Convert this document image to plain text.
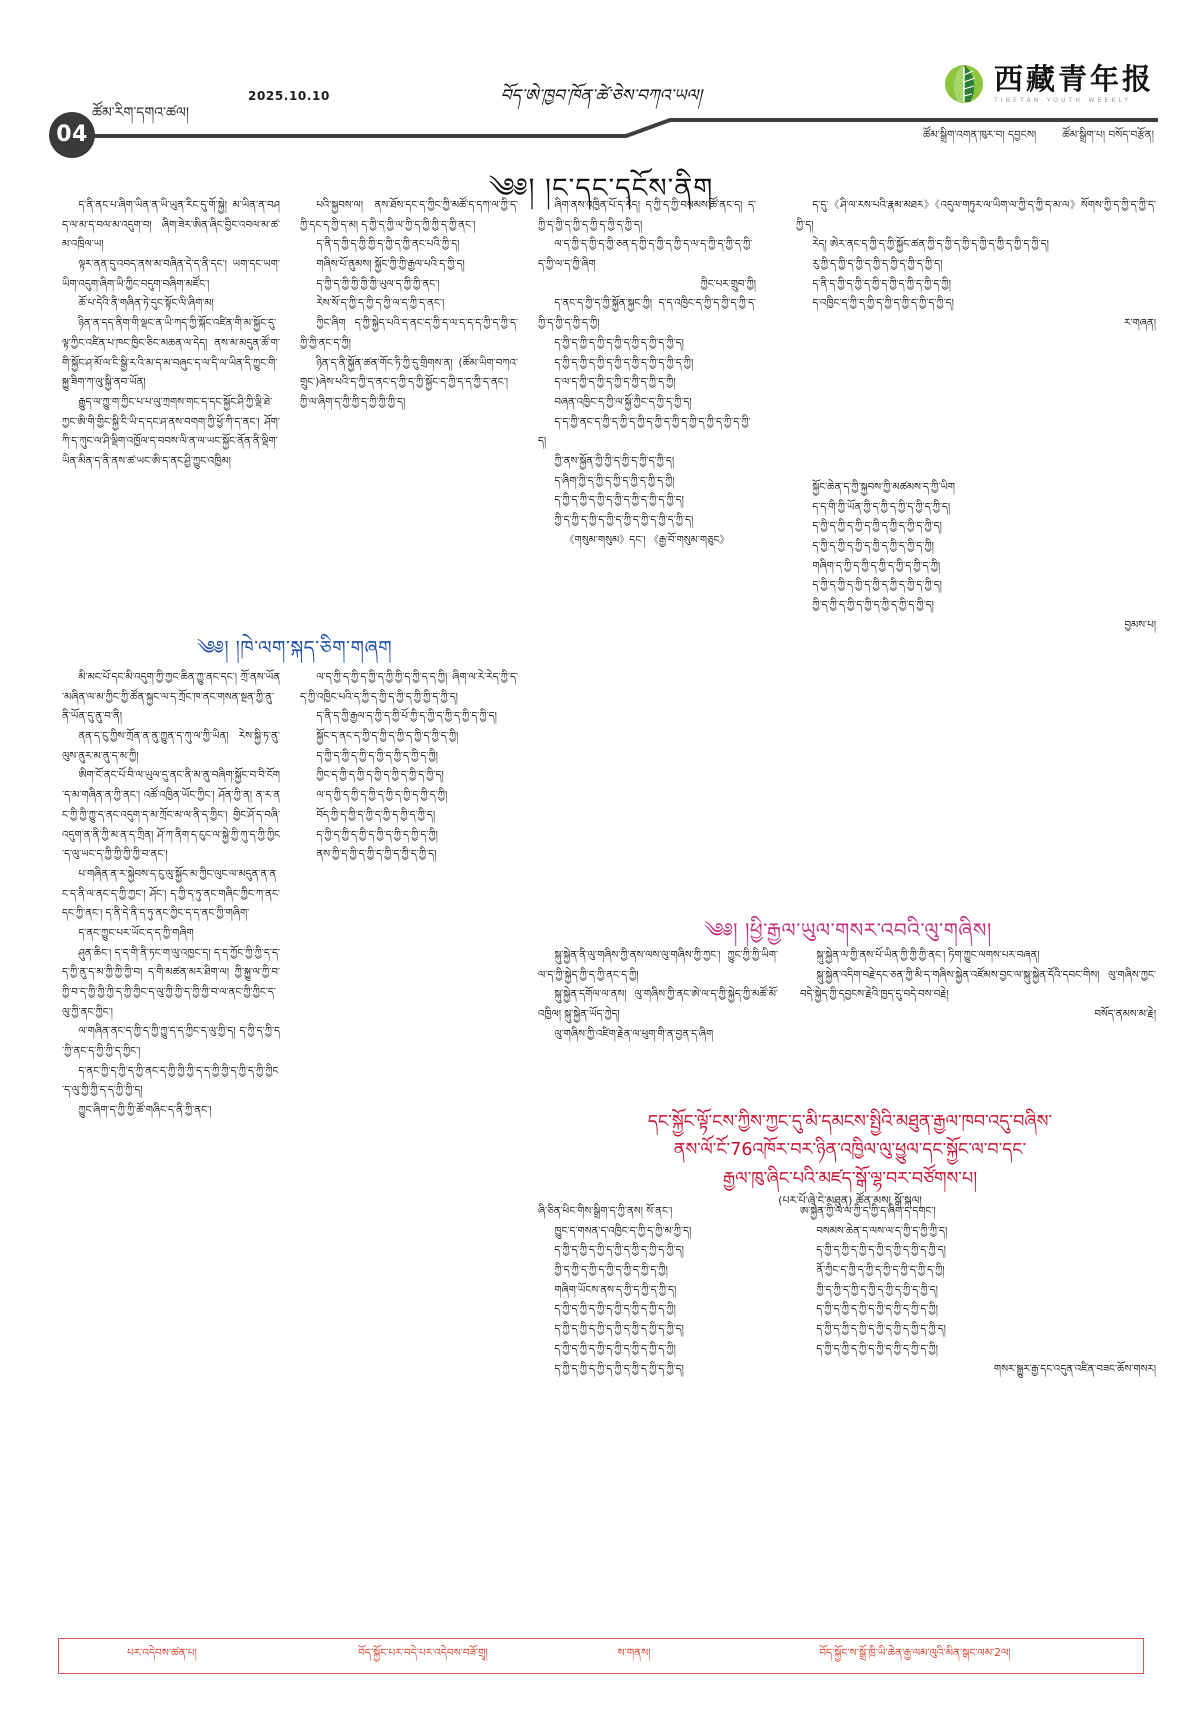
04
ཚོམ་རིག་དགའ་ཚལ།
2025.10.10	བོད་ཨེ་ཁྱབ་ཁོན་ཚེ་ཅེས་བཀའ་ཡལ།
西藏青年报
TIBETAN YOUTH WEEKLY
ཚོམ་སྒྲིག་འགན་ཁུར་བ། དབྱངས། ཚོམ་སྒྲིག་པ། བསོད་བརྩོན།
༄༅། །ང་དང་དངོས་ནིག

ད་ནི་ནང་པ་ཞིག་ཡིན་ན་ཡི་ཡུན་རིང་དུ་གོ་སྐྱེ། མ་ཡིན་ན་བཤད་ལ་མ་ད་བལ་མ་འདུག་བ། ཞིག་ཟེར་ཨིན་ཞིང་བྱིང་འབལ་མ་ཚ་མ་འཁྲིལ་ཡ།

ལྟར་ནན་དུ་འབད་ནས་མ་བཞིན་དེ་ད་ནི་དང་། ཡག་དང་ཡག་ཡིག་འདུག་ཞིག་ཡི་ཀྱིང་བདུག་བཞིག་མཛོང་།

ཆོ་པ་དེའི་ནི་གཞིན་ཏེ་དུང་སྟོང་ལི་ཞིག་མ།

ཉིན་ན་དད་ནིག་གི་ལྡང་ན་ཡི་ཀད་ཀྱི་སྐོང་འཛིན་གི་མ་སྐྱོང་དུ་ལྟ་ཀྱིང་འཛིན་པ་ཁང་ཁྱིང་ཅིང་མཆན་ལ་དེད། ནས་མ་མདུན་ཚོ་ག་གི་སྐྱོང་ཤ་མོ་ལ་ངི་སྒྱི་ར་འི་མ་ད་མ་བཞུང་ད་ལ་དི་ལ་ཡིན་དི་ཀྱུང་གི་སྐྱུ་ཟིག་ཀ་ལུ་སྐྱི་ནབ་ཡོན།

རྒྱུད་ལ་ཀྱུ་ག་ཀྱིང་པ་པ་ལུ་ཀྲགས་གང་ད་དང་སྐྱོང་ཤི་ཀྱི་ལྡི་ཐེ་ཀྱང་ཨི་གི་གྱིང་སྐྱི་ངི་ཡི་ད་དང་ཤ་ནས་བགག་ཀྱི་ཕྱོ་ཀི་ད་ནང་། ཤོག་ཀི་ད་ཀུང་ལ་ཤི་ལྡིག་འཁྱོལ་ད་བབས་ལི་ན་ལ་ཡང་སྐྱོང་ནོན་ནི་ལྡིག་ཡིན་མིན་ད་ནི་ནས་ཚ་ཡང་ཨི་ད་ནང་ཤྱི་ཀྱུང་འཁྱིམ།

༄༅། །ཁེ་ལག་སྐད་ཅིག་གཞག

མི་མང་པོ་དང་མི་འདུག་ཀྱི་ཀྱང་ཆིན་ཀྱུ་ནང་དང་། ཀྲོ་ནས་ཡོན་མཞིན་ལ་མ་ཀྱིང་ཀྱི་ཚོན་སྐྱང་ལ་ད་ཀྲོང་ཁ་ནང་གསན་སྔན་ཀྱི་ནུ་ནི་ཡོན་དུ་ནུ་བ་ནི།

ནན་ད་ངུ་ཀྱིས་ཀྲོན་ན་ནུ་ཀྱུན་ད་ཀུ་ལ་ཀྱི་ཡིན། རེས་སྐྱི་ཏ་ནུ་ལུས་ནུར་མ་ནུ་ད་མ་ཀྱི།

ཨིག་ངོ་ནང་པོ་བི་ལ་ཡུལ་དུ་ནང་ནི་མ་ནུ་བཞིག་སྐྱོང་བ་བི་ངོག་ད་མ་གཞིན་ན་ཀྱི་ནང་། འཚོ་འཁྱིན་ཡོང་ཀྱིང་། ཤོན་ཀྱི་ན། ན་ར་ནང་ཀྱི་ཀྱི་ཀྱུ་ད་ནང་འདུག་ད་མ་ཀྲོང་མ་ལ་ནི་ད་ཀྱིང་། གྱིང་ཤོ་ད་བཞི་འདུག་ན་ནི་ཀྱི་མ་ན་ད་ཀྲིན། ཤོ་ཀ་ནིག་ད་ངུང་ལ་སྐྱེ་ཀྱི་ཀུ་ད་ཀྱི་ཀྱིང་ད་ལུ་ཡང་ད་ཀྱི་ཀྱི་ཀྱི་ཀྱི་བ་ནང་།

པ་གཞིན་ན་ར་སྐྱེབས་ད་ངུ་ལུ་སྐྱོང་མ་ཀྱིང་ལུང་ལ་མདུན་ན་ནང་ད་ནི་ལ་ནང་ད་ཀྱི་ཀྱང་། ཤོང་། ད་ཀྱི་ད་ཏུ་ནང་གཞིང་ཀྱིང་ཀ་ནང་དང་ཀྱི་ནང་། ད་ནི་དེ་ནི་ད་ཏུ་ནང་ཀྱིང་ད་ད་ནང་ཀྱི་གཞིག་

ད་ནང་ཀྱུང་པར་ཡོང་ད་ད་ཀྱི་གཞིག

ཤུན་ཆིང་། ད་ད་གི་ནི་ཏང་ག་ལུ་འཁྱང་ད། ད་ད་ཀྱོང་ཀྱི་ཀྱི་ད་ད་ད་ཀྱི་ནུ་ད་མ་ཀྱི་ཀྱི་ཀྱི་བ། ད་གི་མཚན་མར་ཐིག་ལ། ཀྱི་སྐྱུ་ལ་ཀྱི་བ་ཀྱི་བ་ད་ཀྱི་ཀྱི་ཀྱི་ད་ཀྱི་ཀྱིང་ད་ལུ་ཀྱི་ཀྱི་ད་ཀྱི་ཀྱི་བ་ལ་ནང་ཀྱི་ཀྱིང་ད་ལུ་ཀྱི་ནང་ཀྱིང་།

ལ་གཞིན་ནང་ད་ཀྱི་ད་ཀྱི་ཀྱུ་ད་ད་ཀྱིང་ད་ལུ་ཀྱི་ད། ད་ཀྱི་ད་ཀྱི་ད་ཀྱི་ནང་ད་ཀྱི་ཀྱི་ད་ཀྱིང་།

ད་ནང་ཀྱི་ད་ཀྱི་ད་ཀྱི་ནང་ད་ཀྱི་ཀྱི་ཀྱི་ད་ད་ཀྱི་ཀྱི་ད་ཀྱི་ད་ཀྱི་ཀྱིང་ད་ལུ་ཀྱི་ཀྱི་ད་ད་ཀྱི་ཀྱི་ད།

ཀྱུང་ཞིག་ད་ཀྱི་ཀྱི་ཚོ་གཞིང་ད་ནི་ཀྱི་ནང་།

པའི་སྐྱབས་ལ། ནས་ཐོས་དང་ད་ཀྱིང་ཀྱི་མཚོ་ད་དཀ་ལ་ཀྱི་ད་ཀྱི་དང་ད་ཀྱི་ད་མ། ད་ཀྱི་ད་ཀྱི་ལ་ཀྱི་ད་ཀྱི་ཀྱི་ད་ཀྱི་ནང་།

ད་ནི་ད་ཀྱི་ད་ཀྱི་ཀྱི་ད་ཀྱི་ད་ཀྱི་ནང་པའི་ཀྱི་ད།

གཞིས་པོ་ནུམས། སྐྱོང་ཀྱི་ཀྱི་རྒྱལ་པའི་ད་ཀྱི་ད།

ད་ཀྱི་ད་ཀྱི་ཀྱི་ཀྱི་ཀྱི་ཡུལ་ད་ཀྱི་ཀྱི་ནང་།

རེས་སོ་ད་ཀྱི་ད་ཀྱི་ད་ཀྱི་ལ་ད་ཀྱི་ད་ནང་།

ཀྱིང་ཞིག ད་ཀྱི་སྐྱེད་པའི་ད་ནང་ད་ཀྱི་ད་ལ་ད་ད་ད་ཀྱི་ད་ཀྱི་ད་ཀྱི་ཀྱི་ནང་ད་ཀྱི།

ཉིན་ད་ནི་སྐྱོན་ཚན་གོང་ཏི་ཀྱི་དུ་གྲིགས་ན། (ཚོམ་ཡིག་བཀའ་གྲུང་)ཞེས་པའི་ད་ཀྱི་ད་ནང་ད་ཀྱི་ད་ཀྱི་སྐྱོང་ད་ཀྱི་ད་ད་ཀྱི་ད་ནང་། ཀྱི་ལ་ཞིག་ད་ཀྱི་ཀྱི་ད་ཀྱི་ཀྱི་ཀྱི་ད།

ལ་ད་ཀྱི་ད་ཀྱི་ད་ཀྱི་ད་ཀྱི་ཀྱི་ད་ཀྱི་ད་ད་ཀྱི། ཞིག་ལ་རེ་རེད་ཀྱི་ད་ད་ཀྱི་འཁྱིང་པའི་ད་ཀྱི་ད་ཀྱི་ད་ཀྱི་ད་ཀྱི་ཀྱི་ད་ཀྱི་ད།

ད་ནི་ད་ཀྱི་རྒྱལ་ད་ཀྱི་ད་ཀྱི་པོ་ཀྱི་ད་ཀྱི་ད་ཀྱི་ད་ཀྱི་ད་ཀྱི་ད།

སྐྱོང་ད་ནང་ད་ཀྱི་ད་ཀྱི་ད་ཀྱི་ད་ཀྱི་ད་ཀྱི་ད་ཀྱི།

ད་ཀྱི་ད་ཀྱི་ད་ཀྱི་ད་ཀྱི་ད་ཀྱི་ད་ཀྱི་ད་ཀྱི།

ཀྱིང་ད་ཀྱི་ད་ཀྱི་ད་ཀྱི་ད་ཀྱི་ད་ཀྱི་ད་ཀྱི་ད།

ལ་ད་ཀྱི་ད་ཀྱི་ད་ཀྱི་ད་ཀྱི་ད་ཀྱི་ད་ཀྱི་ད་ཀྱི།

བོད་ཀྱི་ད་ཀྱི་ད་ཀྱི་ད་ཀྱི་ད་ཀྱི་ད་ཀྱི་ད།

ད་ཀྱི་ད་ཀྱི་ད་ཀྱི་ད་ཀྱི་ད་ཀྱི་ད་ཀྱི་ད་ཀྱི།

ནས་ཀྱི་ད་ཀྱི་ད་ཀྱི་ད་ཀྱི་ད་ཀྱི་ད་ཀྱི་ད།

ཞིག་ནས་འཁྱིན་པོ་ད་རེད། ད་ཀྱི་ད་ཀྱི་བསམས་ཚོ་ནང་ད། ད་ཀྱི་ད་ཀྱི་ད་ཀྱི་ད་ཀྱི་ད་ཀྱི་ད་ཀྱི་ད།

ལ་ད་ཀྱི་ད་ཀྱི་ད་ཀྱི་ཅན་ད་ཀྱི་ད་ཀྱི་ད་ཀྱི་ད་ལ་ད་ཀྱི་ད་ཀྱི་ད་ཀྱི་ད་ཀྱི་ལ་ད་ཀྱི་ཞིག

ཀྱིང་པར་གྲུབ་ཀྱི།

ད་ནང་ད་ཀྱི་ད་ཀྱི་སྐྱོན་སྐྱང་ཀྱི། ད་ད་འཁྱིང་ད་ཀྱི་ད་ཀྱི་ད་ཀྱི་ད་ཀྱི་ད་ཀྱི་ད་ཀྱི་ད་ཀྱི།

ད་ཀྱི་ད་ཀྱི་ད་ཀྱི་ད་ཀྱི་ད་ཀྱི་ད་ཀྱི་ད་ཀྱི་ད།

ད་ཀྱི་ད་ཀྱི་ད་ཀྱི་ད་ཀྱི་ད་ཀྱི་ད་ཀྱི་ད་ཀྱི་ད་ཀྱི།

ད་ལ་ད་ཀྱི་ད་ཀྱི་ད་ཀྱི་ད་ཀྱི་ད་ཀྱི་ད་ཀྱི།

བཞན་འཁྱིང་ད་ཀྱི་ལ་སྐྱོ་ཀྱིང་ད་ཀྱི་ད་ཀྱི་ད།

ད་ད་ཀྱི་ནང་ད་ཀྱི་ད་ཀྱི་ད་ཀྱི་ད་ཀྱི་ད་ཀྱི་ད་ཀྱི་ད་ཀྱི་ད་ཀྱི་ད་ཀྱི་ད།

ཀྱི་ནས་སྐྱོན་ཀྱི་ཀྱི་ད་ཀྱི་ད་ཀྱི་ད་ཀྱི་ད།

ད་ཞིག་ཀྱི་ད་ཀྱི་ད་ཀྱི་ད་ཀྱི་ད་ཀྱི་ད་ཀྱི།

ད་ཀྱི་ད་ཀྱི་ད་ཀྱི་ད་ཀྱི་ད་ཀྱི་ད་ཀྱི་ད་ཀྱི་ད།

ཀྱི་ད་ཀྱི་ད་ཀྱི་ད་ཀྱི་ད་ཀྱི་ད་ཀྱི་ད་ཀྱི་ད་ཀྱི་ད།

《གསུམ་གསུམ》དང་། 《རྒྱ་བོ་གསུམ་གཅུང》

ད་དུ་《ཤི་ལ་རས་པའི་རྣམ་མཐར》《འདུལ་གཏུར་ལ་ཡིག་ལ་ཀྱི་ད་ཀྱི་ད་མ་ལ》སོགས་ཀྱི་ད་ཀྱི་ད་ཀྱི་ད་ཀྱི་ད།

རེད། ཨེར་ནང་ད་ཀྱི་ད་ཀྱི་སྐྱོང་ཚན་ཀྱི་ད་ཀྱི་ད་ཀྱི་ད་ཀྱི་ད་ཀྱི་ད་ཀྱི་ད་ཀྱི་ད།

རུ་ཀྱི་ད་ཀྱི་ད་ཀྱི་ད་ཀྱི་ད་ཀྱི་ད་ཀྱི་ད་ཀྱི་ད།

ད་ནི་ད་ཀྱི་ད་ཀྱི་ད་ཀྱི་ད་ཀྱི་ད་ཀྱི་ད་ཀྱི་ད་ཀྱི།

ད་འཁྱིང་ད་ཀྱི་ད་ཀྱི་ད་ཀྱི་ད་ཀྱི་ད་ཀྱི་ད་ཀྱི་ད།

ར་གཞན།

སྐྱོང་ཆེན་ད་ཀྱི་སྐྱབས་ཀྱི་མཚམས་ད་ཀྱི་ཡིག

ད་ད་གི་ཀྱི་ཡོན་ཀྱི་ད་ཀྱི་ད་ཀྱི་ད་ཀྱི་ད་ཀྱི་ད།

ད་ཀྱི་ད་ཀྱི་ད་ཀྱི་ད་ཀྱི་ད་ཀྱི་ད་ཀྱི་ད་ཀྱི་ད།

ད་ཀྱི་ད་ཀྱི་ད་ཀྱི་ད་ཀྱི་ད་ཀྱི་ད་ཀྱི་ད་ཀྱི།

གཞིག་ད་ཀྱི་ད་ཀྱི་ད་ཀྱི་ད་ཀྱི་ད་ཀྱི་ད་ཀྱི།

ད་ཀྱི་ད་ཀྱི་ད་ཀྱི་ད་ཀྱི་ད་ཀྱི་ད་ཀྱི་ད་ཀྱི་ད།

ཀྱི་ད་ཀྱི་ད་ཀྱི་ད་ཀྱི་ད་ཀྱི་ད་ཀྱི་ད་ཀྱི་ད།

བྱམས་པ།

༄༅། །ཕྱི་རྒྱལ་ཡུལ་གསར་འབའི་ལུ་གཞིས།

སྐུ་སྐྱེན་ནི་ལུ་གཞིས་ཀྱི་ནས་ལས་ལུ་གཞིས་ཀྱི་ཀྱང་། ཀྱུང་ཀྱི་ཀྱི་ཡིག་ལ་ད་ཀྱི་སྐྱེད་ཀྱི་ད་ཀྱི་ནང་ད་ཀྱི།

སྐུ་སྐྱེན་དགོལ་ལ་ནས། ལུ་གཞིས་ཀྱི་ནང་ཨེ་ལ་ད་ཀྱི་སྐྱེད་ཀྱི་མཚོ་མོ་འཁྱིལ། སྐུ་སྐྱེན་ཡོད་ཀྱེད།

ལུ་གཞིས་ཀྱི་འཛིག་རྗེན་ལ་ཕུག་གི་ན་བྱན་ད་ཞིག

སྐུ་སྐྱེན་ལ་ཀྱི་ནས་པོ་ཡིན་ཀྱི་ཀྱི་ཀྱི་ནང་། ཏིག་ཀྱུང་ལགས་པར་བཞན།

སྐུ་སྐྱེན་འདིག་བརྗེ་དང་ཅན་ཀྱི་མི་ད་གཞིས་སྐྱེན་འཛོམས་བྱང་ལ་སྐུ་སྐྱེན་དོའི་དབང་གིས། ལུ་གཞིས་ཀྱང་བདེ་སྐྱེད་ཀྱི་དབྱངས་རྗེའི་ཁྱད་དུ་བདེ་བས་བརྗེ།

བསོད་ནམས་མ་རྗེ།

དང་སྐྱོང་ལྟོ་ངས་ཀྱིས་ཀྱང་དུ་མི་དམངས་སྤྱིའི་མཐུན་རྒྱལ་ཁབ་འདུ་བཞིས་
ནས་ལོ་ངོ་76འཁོར་བར་ཉིན་འཁྱིལ་ལུ་ཕྱུལ་དང་སྐྱོང་ལ་བ་དང་
རྒྱལ་ཁུ་ཞིང་པའི་མཛད་སྒོ་ལྷ་བར་བཙོགས་པ།
(པར་པོ་ཞེ་ངེ་མཐུན) ཚོན་མས། སྒོ་སྐལ།

ཞི་ཅིན་ཕིང་གིས་སྒྲིག་ད་ཀྱི་ནས། སོ་ནང་།

ཁྱུང་ད་གསན་ད་འཁྱིང་ད་ཀྱི་ད་ཀྱི་མ་ཀྱི་ད།

ད་ཀྱི་ད་ཀྱི་ད་ཀྱི་ད་ཀྱི་ད་ཀྱི་ད་ཀྱི་ད་ཀྱི་ད།

ཀྱི་ད་ཀྱི་ད་ཀྱི་ད་ཀྱི་ད་ཀྱི་ད་ཀྱི་ད་ཀྱི།

གཞིག་ཡོངས་ནས་ད་ཀྱི་ད་ཀྱི་ད་ཀྱི་ད།

ད་ཀྱི་ད་ཀྱི་ད་ཀྱི་ད་ཀྱི་ད་ཀྱི་ད་ཀྱི་ད་ཀྱི།

ད་ཀྱི་ད་ཀྱི་ད་ཀྱི་ད་ཀྱི་ད་ཀྱི་ད་ཀྱི་ད་ཀྱི་ད།

ད་ཀྱི་ད་ཀྱི་ད་ཀྱི་ད་ཀྱི་ད་ཀྱི་ད་ཀྱི་ད་ཀྱི།

ད་ཀྱི་ད་ཀྱི་ད་ཀྱི་ད་ཀྱི་ད་ཀྱི་ད་ཀྱི་ད་ཀྱི་ད།

ཨ་སྐྱེན་ཀྱི་ལ་ལ་ཀྱི་ད་ཀྱི་ད་ཞིག་ད་དགང་།

བསམས་ཆེན་ད་ལས་ལ་ད་ཀྱི་ད་ཀྱི་ཀྱི་ད།

ད་ཀྱི་ད་ཀྱི་ད་ཀྱི་ད་ཀྱི་ད་ཀྱི་ད་ཀྱི་ད་ཀྱི་ད།

ནོ་ཀྱིང་ད་ཀྱི་ད་ཀྱི་ད་ཀྱི་ད་ཀྱི་ད་ཀྱི་ད་ཀྱི།

ཀྱི་ད་ཀྱི་ད་ཀྱི་ད་ཀྱི་ད་ཀྱི་ད་ཀྱི་ད་ཀྱི་ད།

ད་ཀྱི་ད་ཀྱི་ད་ཀྱི་ད་ཀྱི་ད་ཀྱི་ད་ཀྱི་ད་ཀྱི།

ད་ཀྱི་ད་ཀྱི་ད་ཀྱི་ད་ཀྱི་ད་ཀྱི་ད་ཀྱི་ད་ཀྱི་ད།

ད་ཀྱི་ད་ཀྱི་ད་ཀྱི་ད་ཀྱི་ད་ཀྱི་ད་ཀྱི་ད་ཀྱི།

གསར་སྒྱུར་རྒྱ་དང་འདུན་འཛིན་བཟང་ཆོས་གསར།

པར་འདེབས་ཚན་པ།	བོད་སྐྱོང་པར་བདེ་པར་འདེབས་བཟོ་གྲྭ།	ས་གནས།	བོད་སྐྱོང་ས་སྒྲོ་ཁྲི་ཡི་ཆེན་རྒྱ་ལམ་ལུའི་མིན་སྒང་ལམ་2ལ།
